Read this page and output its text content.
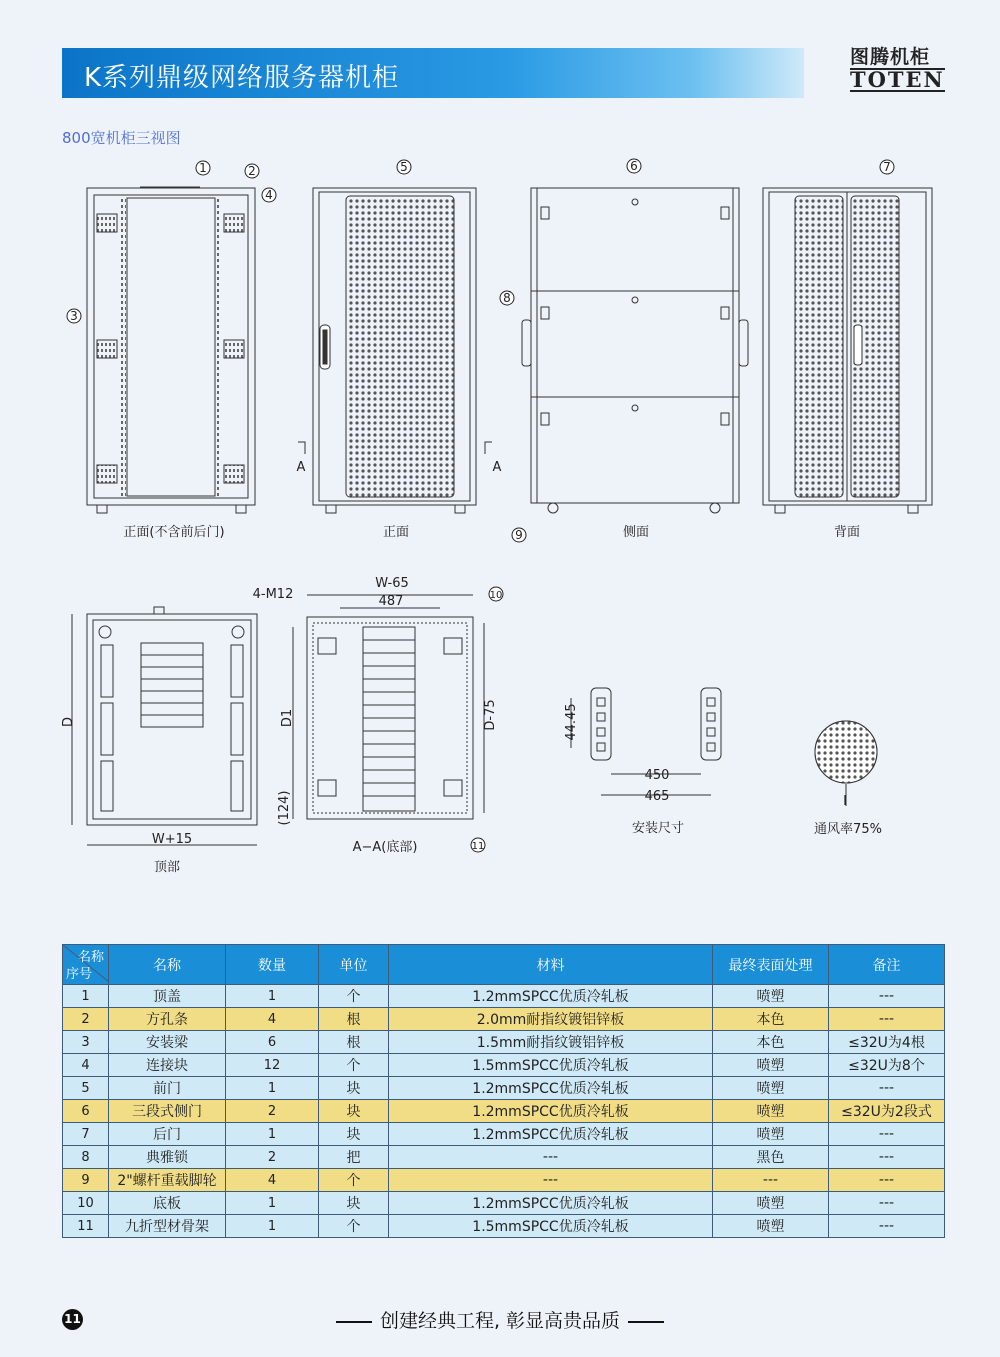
K系列鼎级网络服务器机柜
图腾机柜
TOTEN
800宽机柜三视图
正面(不含前后门)	正面	侧面	背面
顶部
A−A(底部)
安装尺寸	通风率75%
A	A
D
W+15
W-65
487
4-M12
D1	D-75
(124)
44.45
450
465	I
1	2
3
4
5	6	7
8
9
10
11
名称
序号	名称	数量	单位	材料	最终表面处理	备注
1	顶盖	1	个	1.2mmSPCC优质冷轧板	喷塑	---
2	方孔条	4	根	2.0mm耐指纹镀铝锌板	本色	---
3	安装梁	6	根	1.5mm耐指纹镀铝锌板	本色	≤32U为4根
4	连接块	12	个	1.5mmSPCC优质冷轧板	喷塑	≤32U为8个
5	前门	1	块	1.2mmSPCC优质冷轧板	喷塑	---
6	三段式侧门	2	块	1.2mmSPCC优质冷轧板	喷塑	≤32U为2段式
7	后门	1	块	1.2mmSPCC优质冷轧板	喷塑	---
8	典雅锁	2	把	---	黑色	---
9	2"螺杆重载脚轮	4	个	---	---	---
10	底板	1	块	1.2mmSPCC优质冷轧板	喷塑	---
11	九折型材骨架	1	个	1.5mmSPCC优质冷轧板	喷塑	---
11	创建经典工程, 彰显高贵品质
